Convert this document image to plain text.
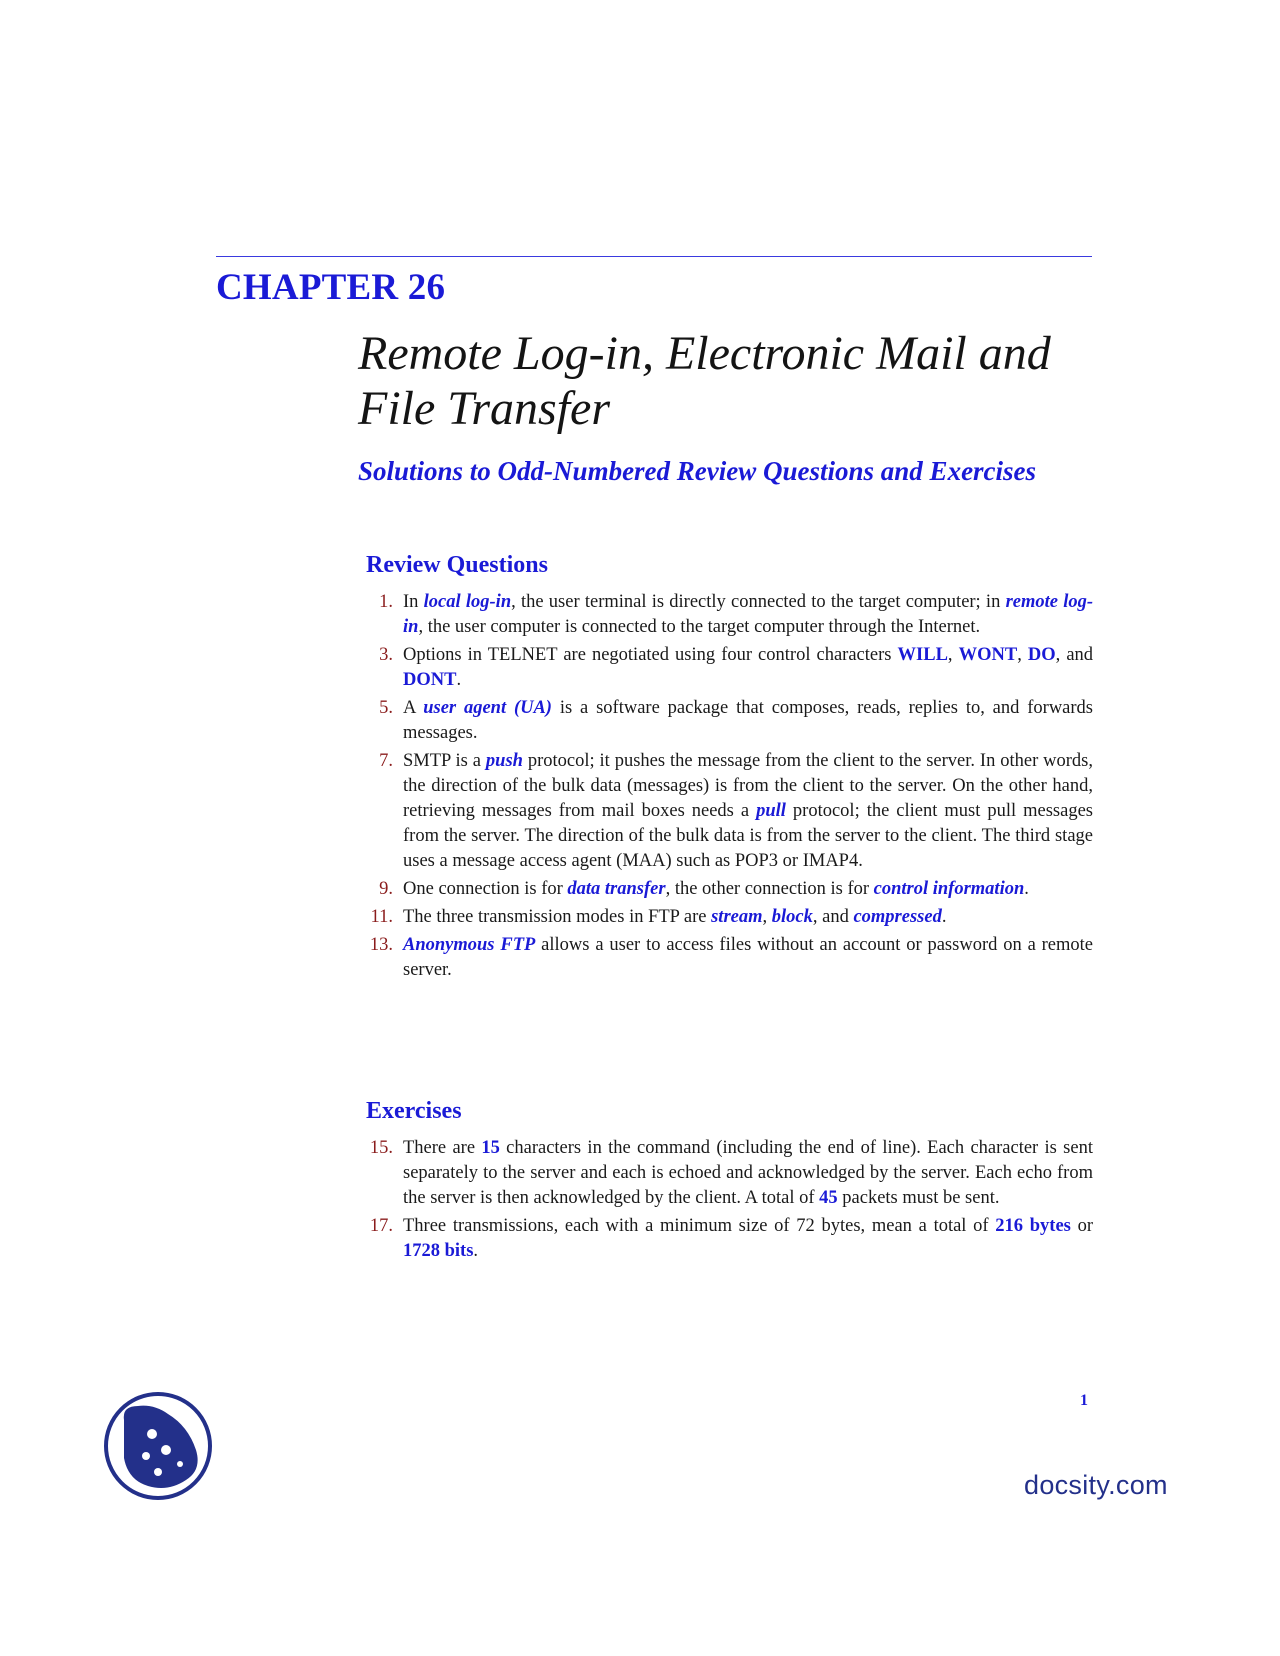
CHAPTER 26
Remote Log-in, Electronic Mail and
File Transfer
Solutions to Odd-Numbered Review Questions and Exercises
Review Questions
1. In local log-in, the user terminal is directly connected to the target computer; in remote log-in, the user computer is connected to the target computer through the Internet.
3. Options in TELNET are negotiated using four control characters WILL, WONT, DO, and DONT.
5. A user agent (UA) is a software package that composes, reads, replies to, and forwards messages.
7. SMTP is a push protocol; it pushes the message from the client to the server. In other words, the direction of the bulk data (messages) is from the client to the server. On the other hand, retrieving messages from mail boxes needs a pull protocol; the client must pull messages from the server. The direction of the bulk data is from the server to the client. The third stage uses a message access agent (MAA) such as POP3 or IMAP4.
9. One connection is for data transfer, the other connection is for control information.
11. The three transmission modes in FTP are stream, block, and compressed.
13. Anonymous FTP allows a user to access files without an account or password on a remote server.
Exercises
15. There are 15 characters in the command (including the end of line). Each character is sent separately to the server and each is echoed and acknowledged by the server. Each echo from the server is then acknowledged by the client. A total of 45 packets must be sent.
17. Three transmissions, each with a minimum size of 72 bytes, mean a total of 216 bytes or 1728 bits.
1
docsity.com
